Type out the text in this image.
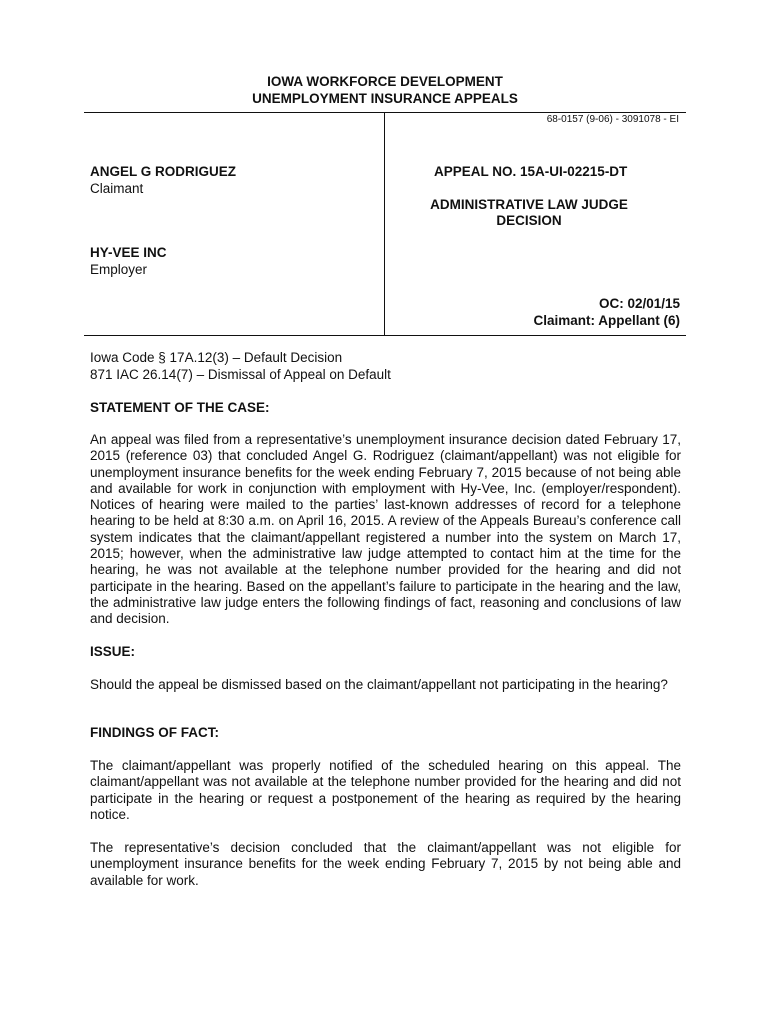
IOWA WORKFORCE DEVELOPMENT
UNEMPLOYMENT INSURANCE APPEALS
68-0157 (9-06) - 3091078 - EI
ANGEL G RODRIGUEZ
Claimant
HY-VEE INC
Employer
APPEAL NO. 15A-UI-02215-DT
ADMINISTRATIVE LAW JUDGE
DECISION
OC: 02/01/15
Claimant: Appellant (6)
Iowa Code § 17A.12(3) – Default Decision
871 IAC 26.14(7) – Dismissal of Appeal on Default
STATEMENT OF THE CASE:
An appeal was filed from a representative’s unemployment insurance decision dated February 17, 2015 (reference 03) that concluded Angel G. Rodriguez (claimant/appellant) was not eligible for unemployment insurance benefits for the week ending February 7, 2015 because of not being able and available for work in conjunction with employment with Hy-Vee, Inc. (employer/respondent). Notices of hearing were mailed to the parties’ last-known addresses of record for a telephone hearing to be held at 8:30 a.m. on April 16, 2015. A review of the Appeals Bureau’s conference call system indicates that the claimant/appellant registered a number into the system on March 17, 2015; however, when the administrative law judge attempted to contact him at the time for the hearing, he was not available at the telephone number provided for the hearing and did not participate in the hearing. Based on the appellant’s failure to participate in the hearing and the law, the administrative law judge enters the following findings of fact, reasoning and conclusions of law and decision.
ISSUE:
Should the appeal be dismissed based on the claimant/appellant not participating in the hearing?
FINDINGS OF FACT:
The claimant/appellant was properly notified of the scheduled hearing on this appeal. The claimant/appellant was not available at the telephone number provided for the hearing and did not participate in the hearing or request a postponement of the hearing as required by the hearing notice.
The representative’s decision concluded that the claimant/appellant was not eligible for unemployment insurance benefits for the week ending February 7, 2015 by not being able and available for work.
